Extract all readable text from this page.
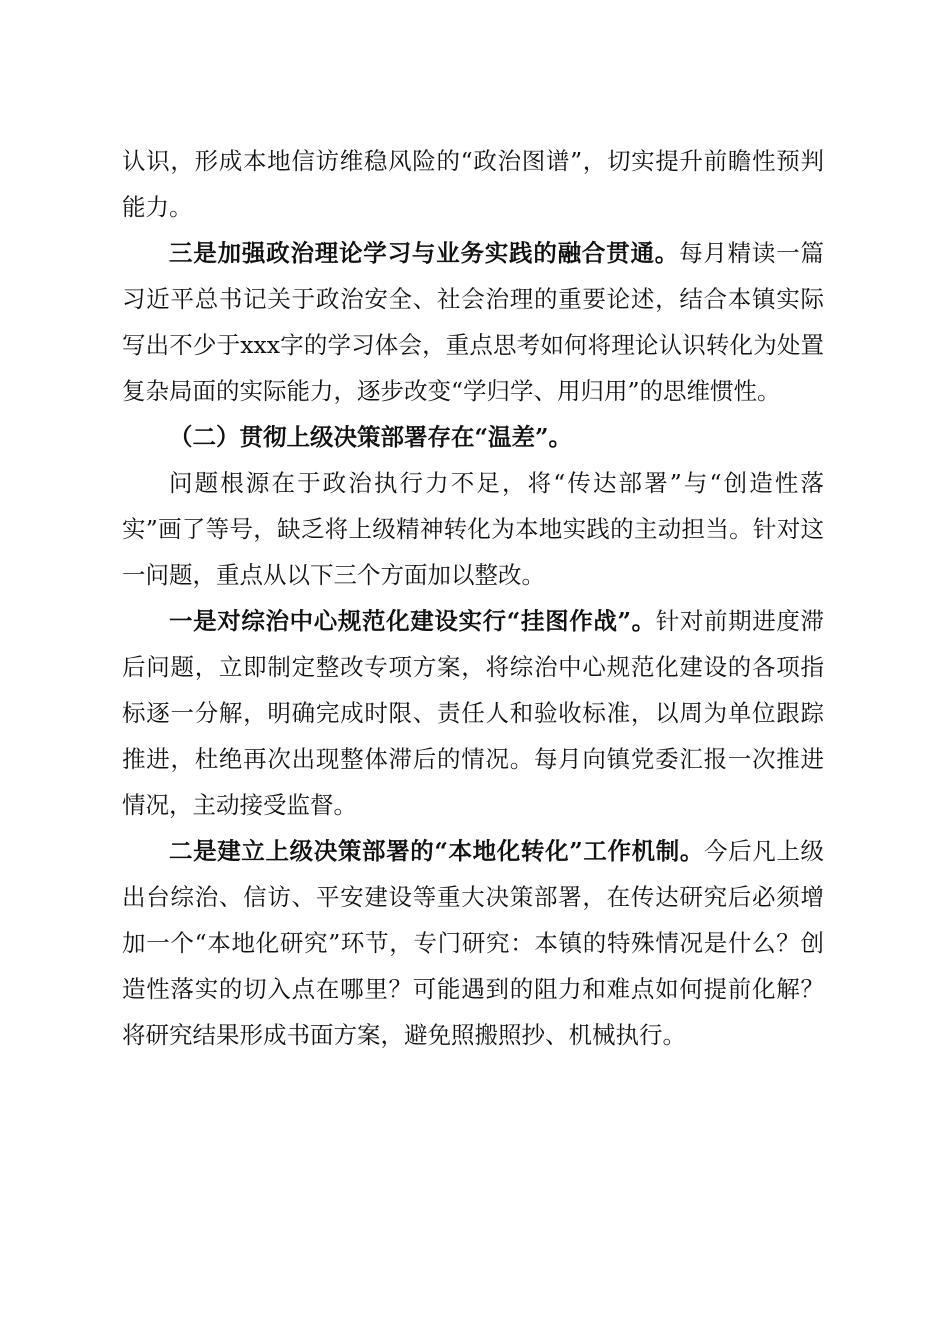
认识，形成本地信访维稳风险的“政治图谱”，切实提升前瞻性预判能力。

三是加强政治理论学习与业务实践的融合贯通。每月精读一篇习近平总书记关于政治安全、社会治理的重要论述，结合本镇实际写出不少于xxx字的学习体会，重点思考如何将理论认识转化为处置复杂局面的实际能力，逐步改变“学归学、用归用”的思维惯性。

（二）贯彻上级决策部署存在“温差”。

问题根源在于政治执行力不足，将“传达部署”与“创造性落实”画了等号，缺乏将上级精神转化为本地实践的主动担当。针对这一问题，重点从以下三个方面加以整改。

一是对综治中心规范化建设实行“挂图作战”。针对前期进度滞后问题，立即制定整改专项方案，将综治中心规范化建设的各项指标逐一分解，明确完成时限、责任人和验收标准，以周为单位跟踪推进，杜绝再次出现整体滞后的情况。每月向镇党委汇报一次推进情况，主动接受监督。

二是建立上级决策部署的“本地化转化”工作机制。今后凡上级出台综治、信访、平安建设等重大决策部署，在传达研究后必须增加一个“本地化研究”环节，专门研究：本镇的特殊情况是什么？创造性落实的切入点在哪里？可能遇到的阻力和难点如何提前化解？将研究结果形成书面方案，避免照搬照抄、机械执行。
